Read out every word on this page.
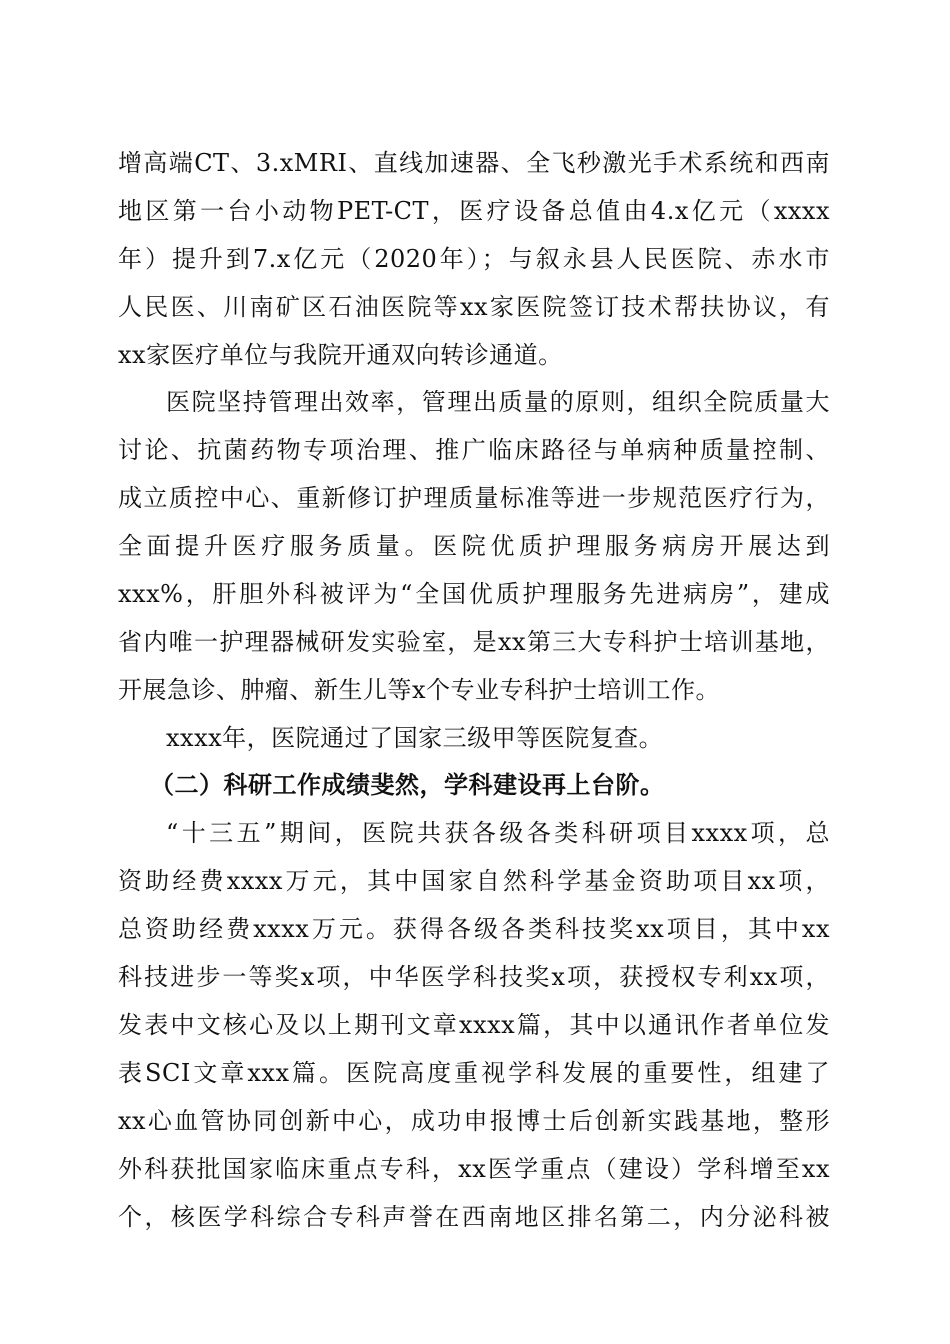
增高端CT、3.xMRI、直线加速器、全飞秒激光手术系统和西南
地区第一台小动物PET-CT，医疗设备总值由4.x亿元（xxxx
年）提升到7.x亿元（2020年）；与叙永县人民医院、赤水市
人民医、川南矿区石油医院等xx家医院签订技术帮扶协议，有
xx家医疗单位与我院开通双向转诊通道。
医院坚持管理出效率，管理出质量的原则，组织全院质量大
讨论、抗菌药物专项治理、推广临床路径与单病种质量控制、
成立质控中心、重新修订护理质量标准等进一步规范医疗行为，
全面提升医疗服务质量。医院优质护理服务病房开展达到
xxx%，肝胆外科被评为“全国优质护理服务先进病房”，建成
省内唯一护理器械研发实验室，是xx第三大专科护士培训基地，
开展急诊、肿瘤、新生儿等x个专业专科护士培训工作。
xxxx年，医院通过了国家三级甲等医院复查。
（二）科研工作成绩斐然，学科建设再上台阶。
“十三五”期间，医院共获各级各类科研项目xxxx项，总
资助经费xxxx万元，其中国家自然科学基金资助项目xx项，
总资助经费xxxx万元。获得各级各类科技奖xx项目，其中xx
科技进步一等奖x项，中华医学科技奖x项，获授权专利xx项，
发表中文核心及以上期刊文章xxxx篇，其中以通讯作者单位发
表SCI文章xxx篇。医院高度重视学科发展的重要性，组建了
xx心血管协同创新中心，成功申报博士后创新实践基地，整形
外科获批国家临床重点专科，xx医学重点（建设）学科增至xx
个，核医学科综合专科声誉在西南地区排名第二，内分泌科被
